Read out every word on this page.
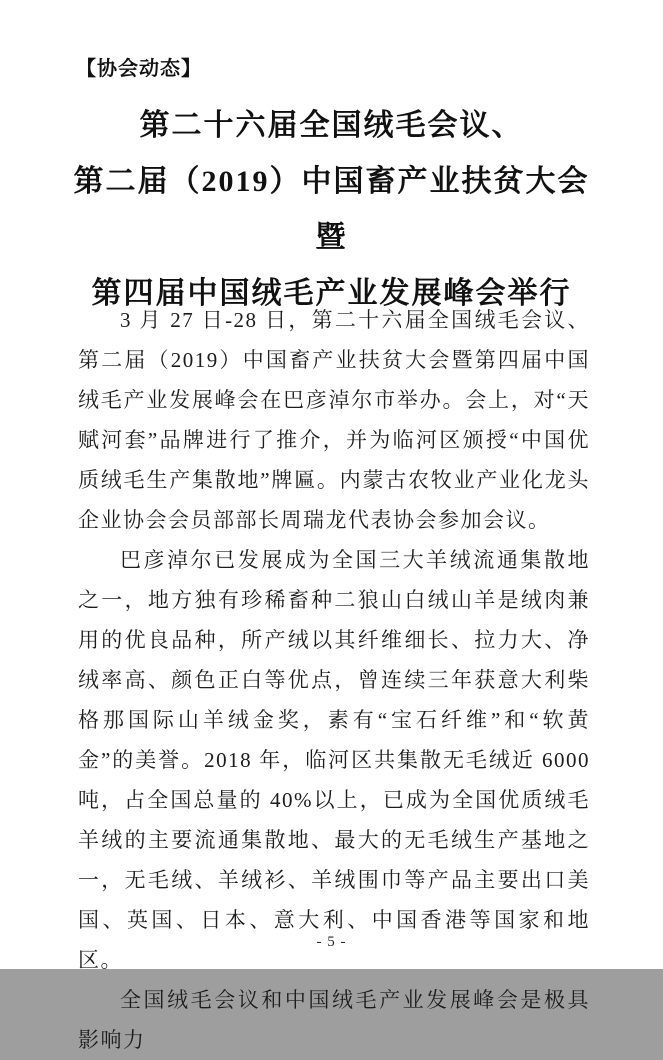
【协会动态】
第二十六届全国绒毛会议、
第二届（2019）中国畜产业扶贫大会暨
第四届中国绒毛产业发展峰会举行

3 月 27 日-28 日，第二十六届全国绒毛会议、第二届（2019）中国畜产业扶贫大会暨第四届中国绒毛产业发展峰会在巴彦淖尔市举办。会上，对“天赋河套”品牌进行了推介，并为临河区颁授“中国优质绒毛生产集散地”牌匾。内蒙古农牧业产业化龙头企业协会会员部部长周瑞龙代表协会参加会议。

巴彦淖尔已发展成为全国三大羊绒流通集散地之一，地方独有珍稀畜种二狼山白绒山羊是绒肉兼用的优良品种，所产绒以其纤维细长、拉力大、净绒率高、颜色正白等优点，曾连续三年获意大利柴格那国际山羊绒金奖，素有“宝石纤维”和“软黄金”的美誉。2018 年，临河区共集散无毛绒近 6000 吨，占全国总量的 40%以上，已成为全国优质绒毛羊绒的主要流通集散地、最大的无毛绒生产基地之一，无毛绒、羊绒衫、羊绒围巾等产品主要出口美国、英国、日本、意大利、中国香港等国家和地区。

全国绒毛会议和中国绒毛产业发展峰会是极具影响力

- 5 -
